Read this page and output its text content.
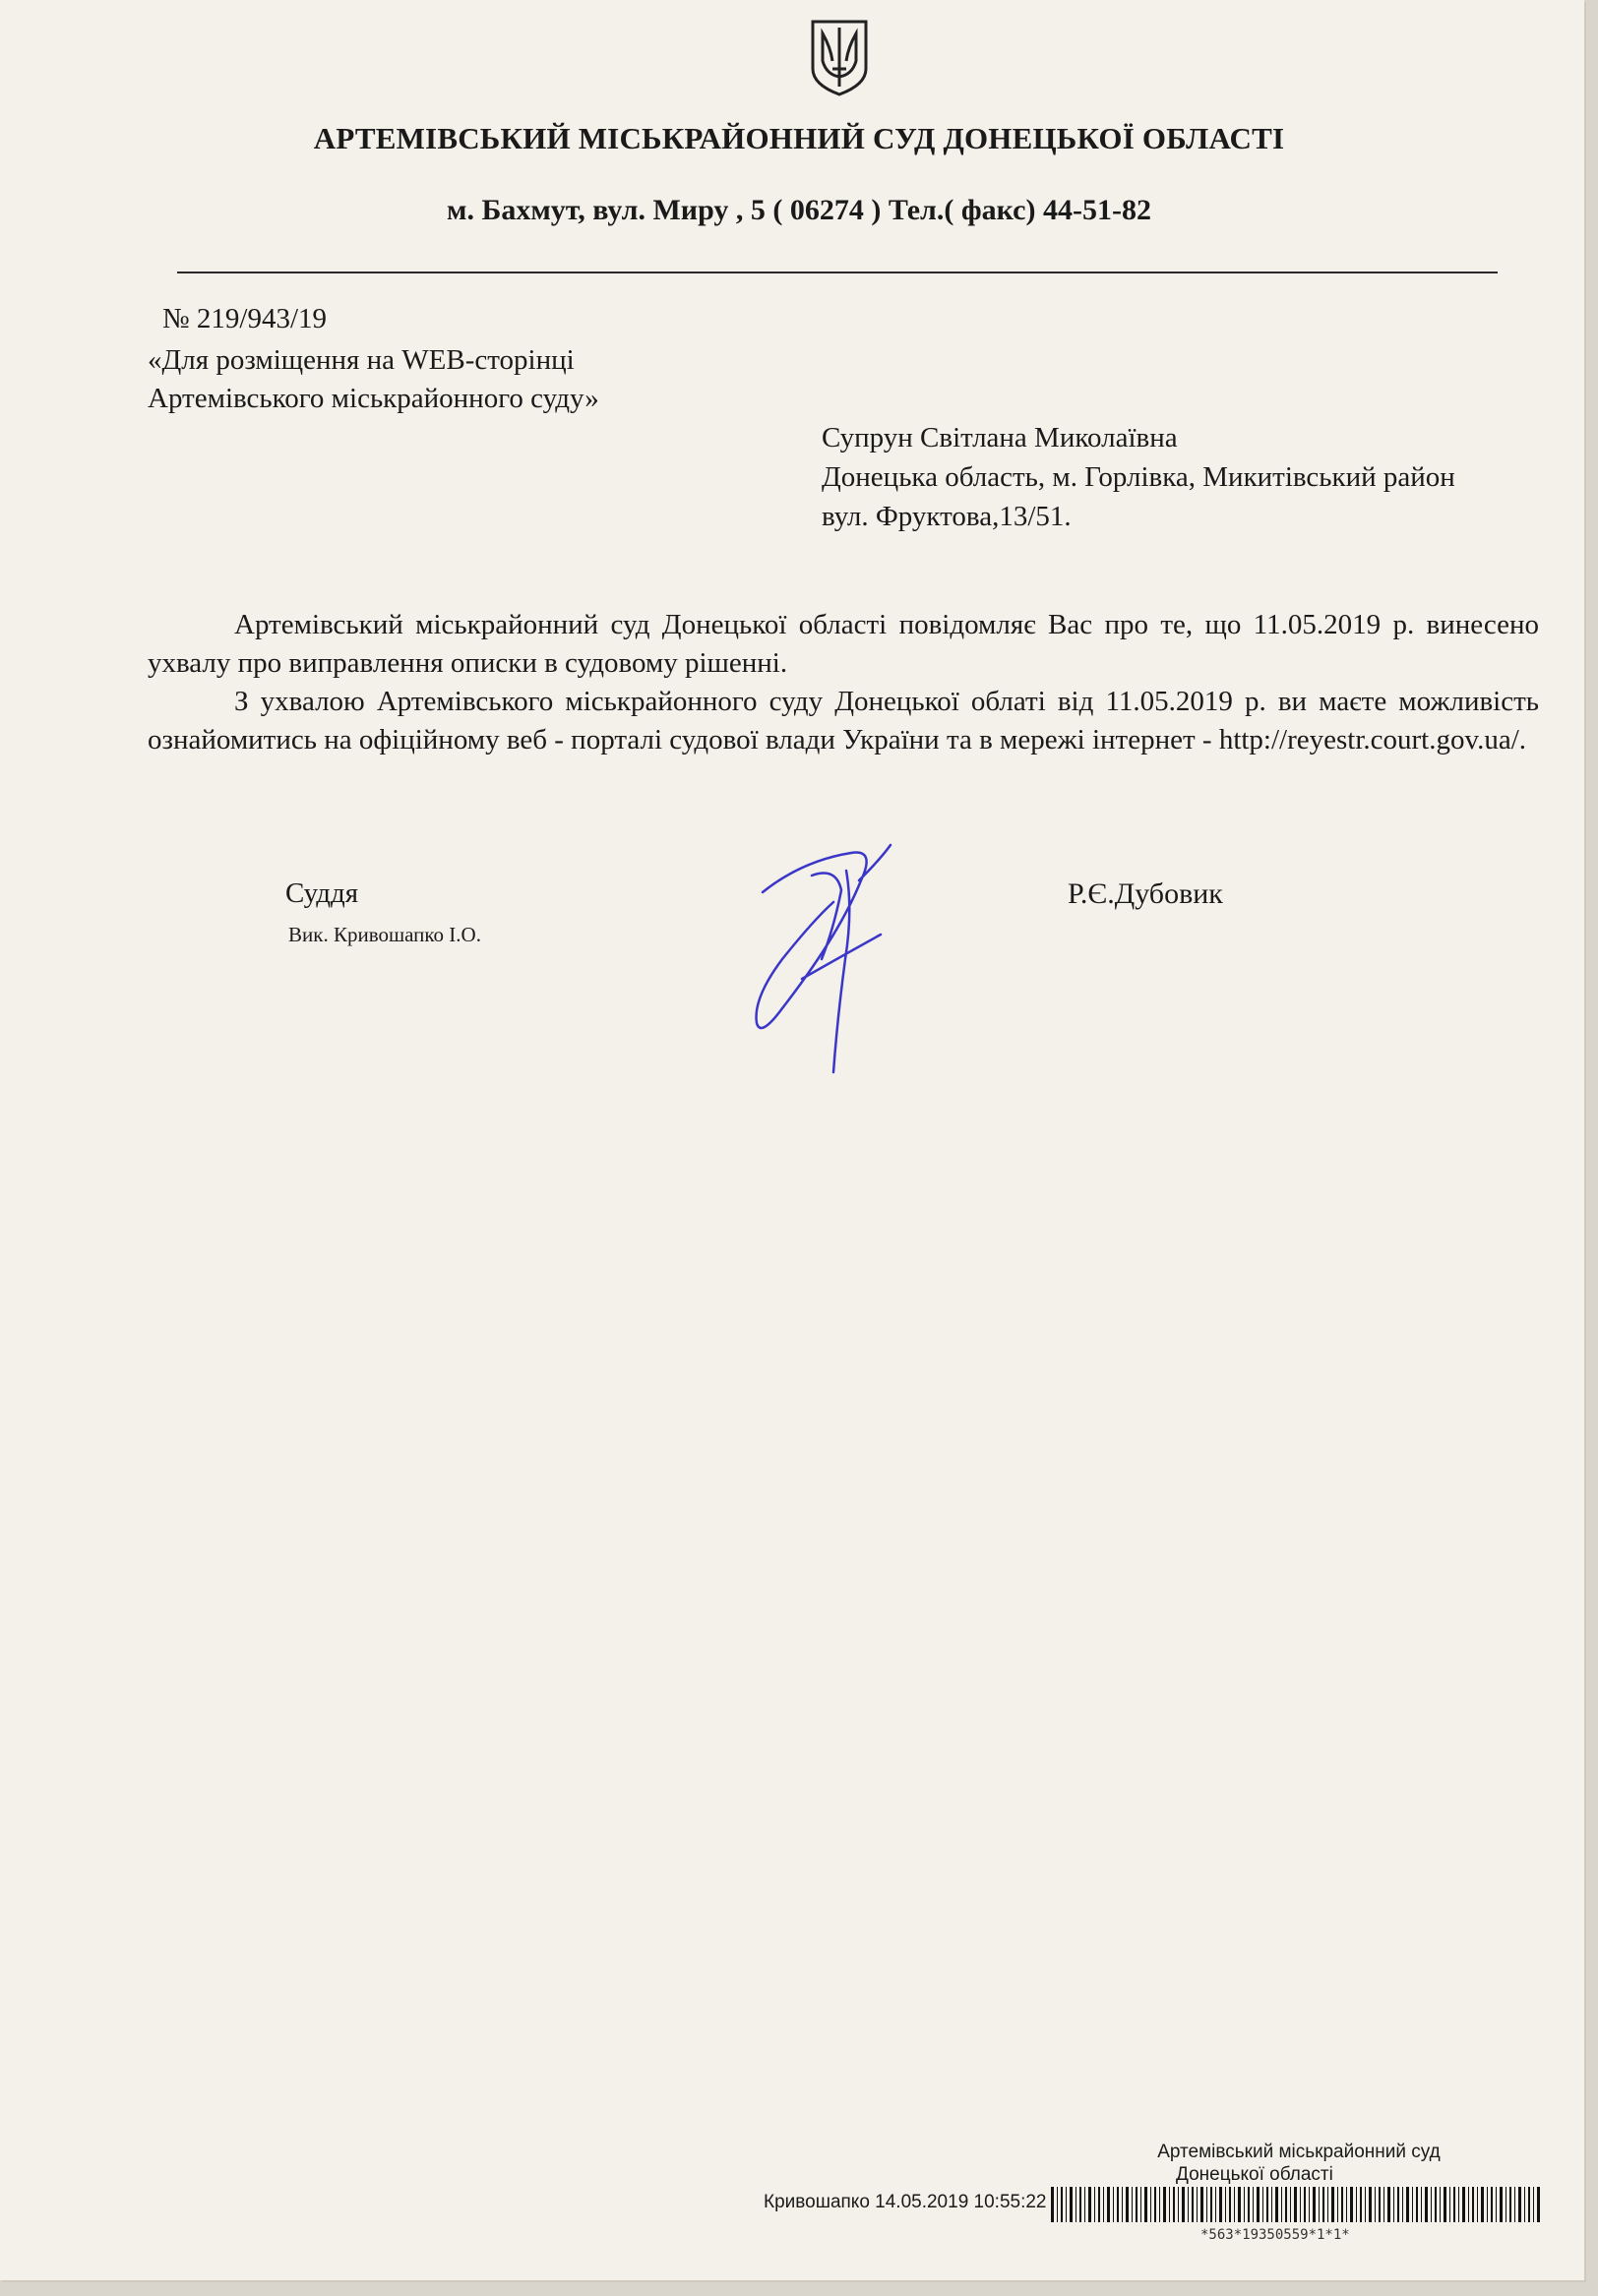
АРТЕМІВСЬКИЙ МІСЬКРАЙОННИЙ СУД ДОНЕЦЬКОЇ ОБЛАСТІ
м. Бахмут, вул. Миру , 5 ( 06274 ) Тел.( факс) 44-51-82
№ 219/943/19
«Для розміщення на WEB-сторінці
Артемівського міськрайонного суду»
Супрун Світлана Миколаївна
Донецька область, м. Горлівка, Микитівський район
вул. Фруктова,13/51.

Артемівський міськрайонний суд Донецької області повідомляє Вас про те, що 11.05.2019 р. винесено ухвалу про виправлення описки в судовому рішенні.

З ухвалою Артемівського міськрайонного суду Донецької облаті від 11.05.2019 р. ви маєте можливість ознайомитись на офіційному веб - порталі судової влади України та в мережі інтернет - http://reyestr.court.gov.ua/.

Суддя
Вик. Кривошапко І.О.
Р.Є.Дубовик
Артемівський міськрайонний суд
Донецької області
Кривошапко 14.05.2019 10:55:22
*563*19350559*1*1*
